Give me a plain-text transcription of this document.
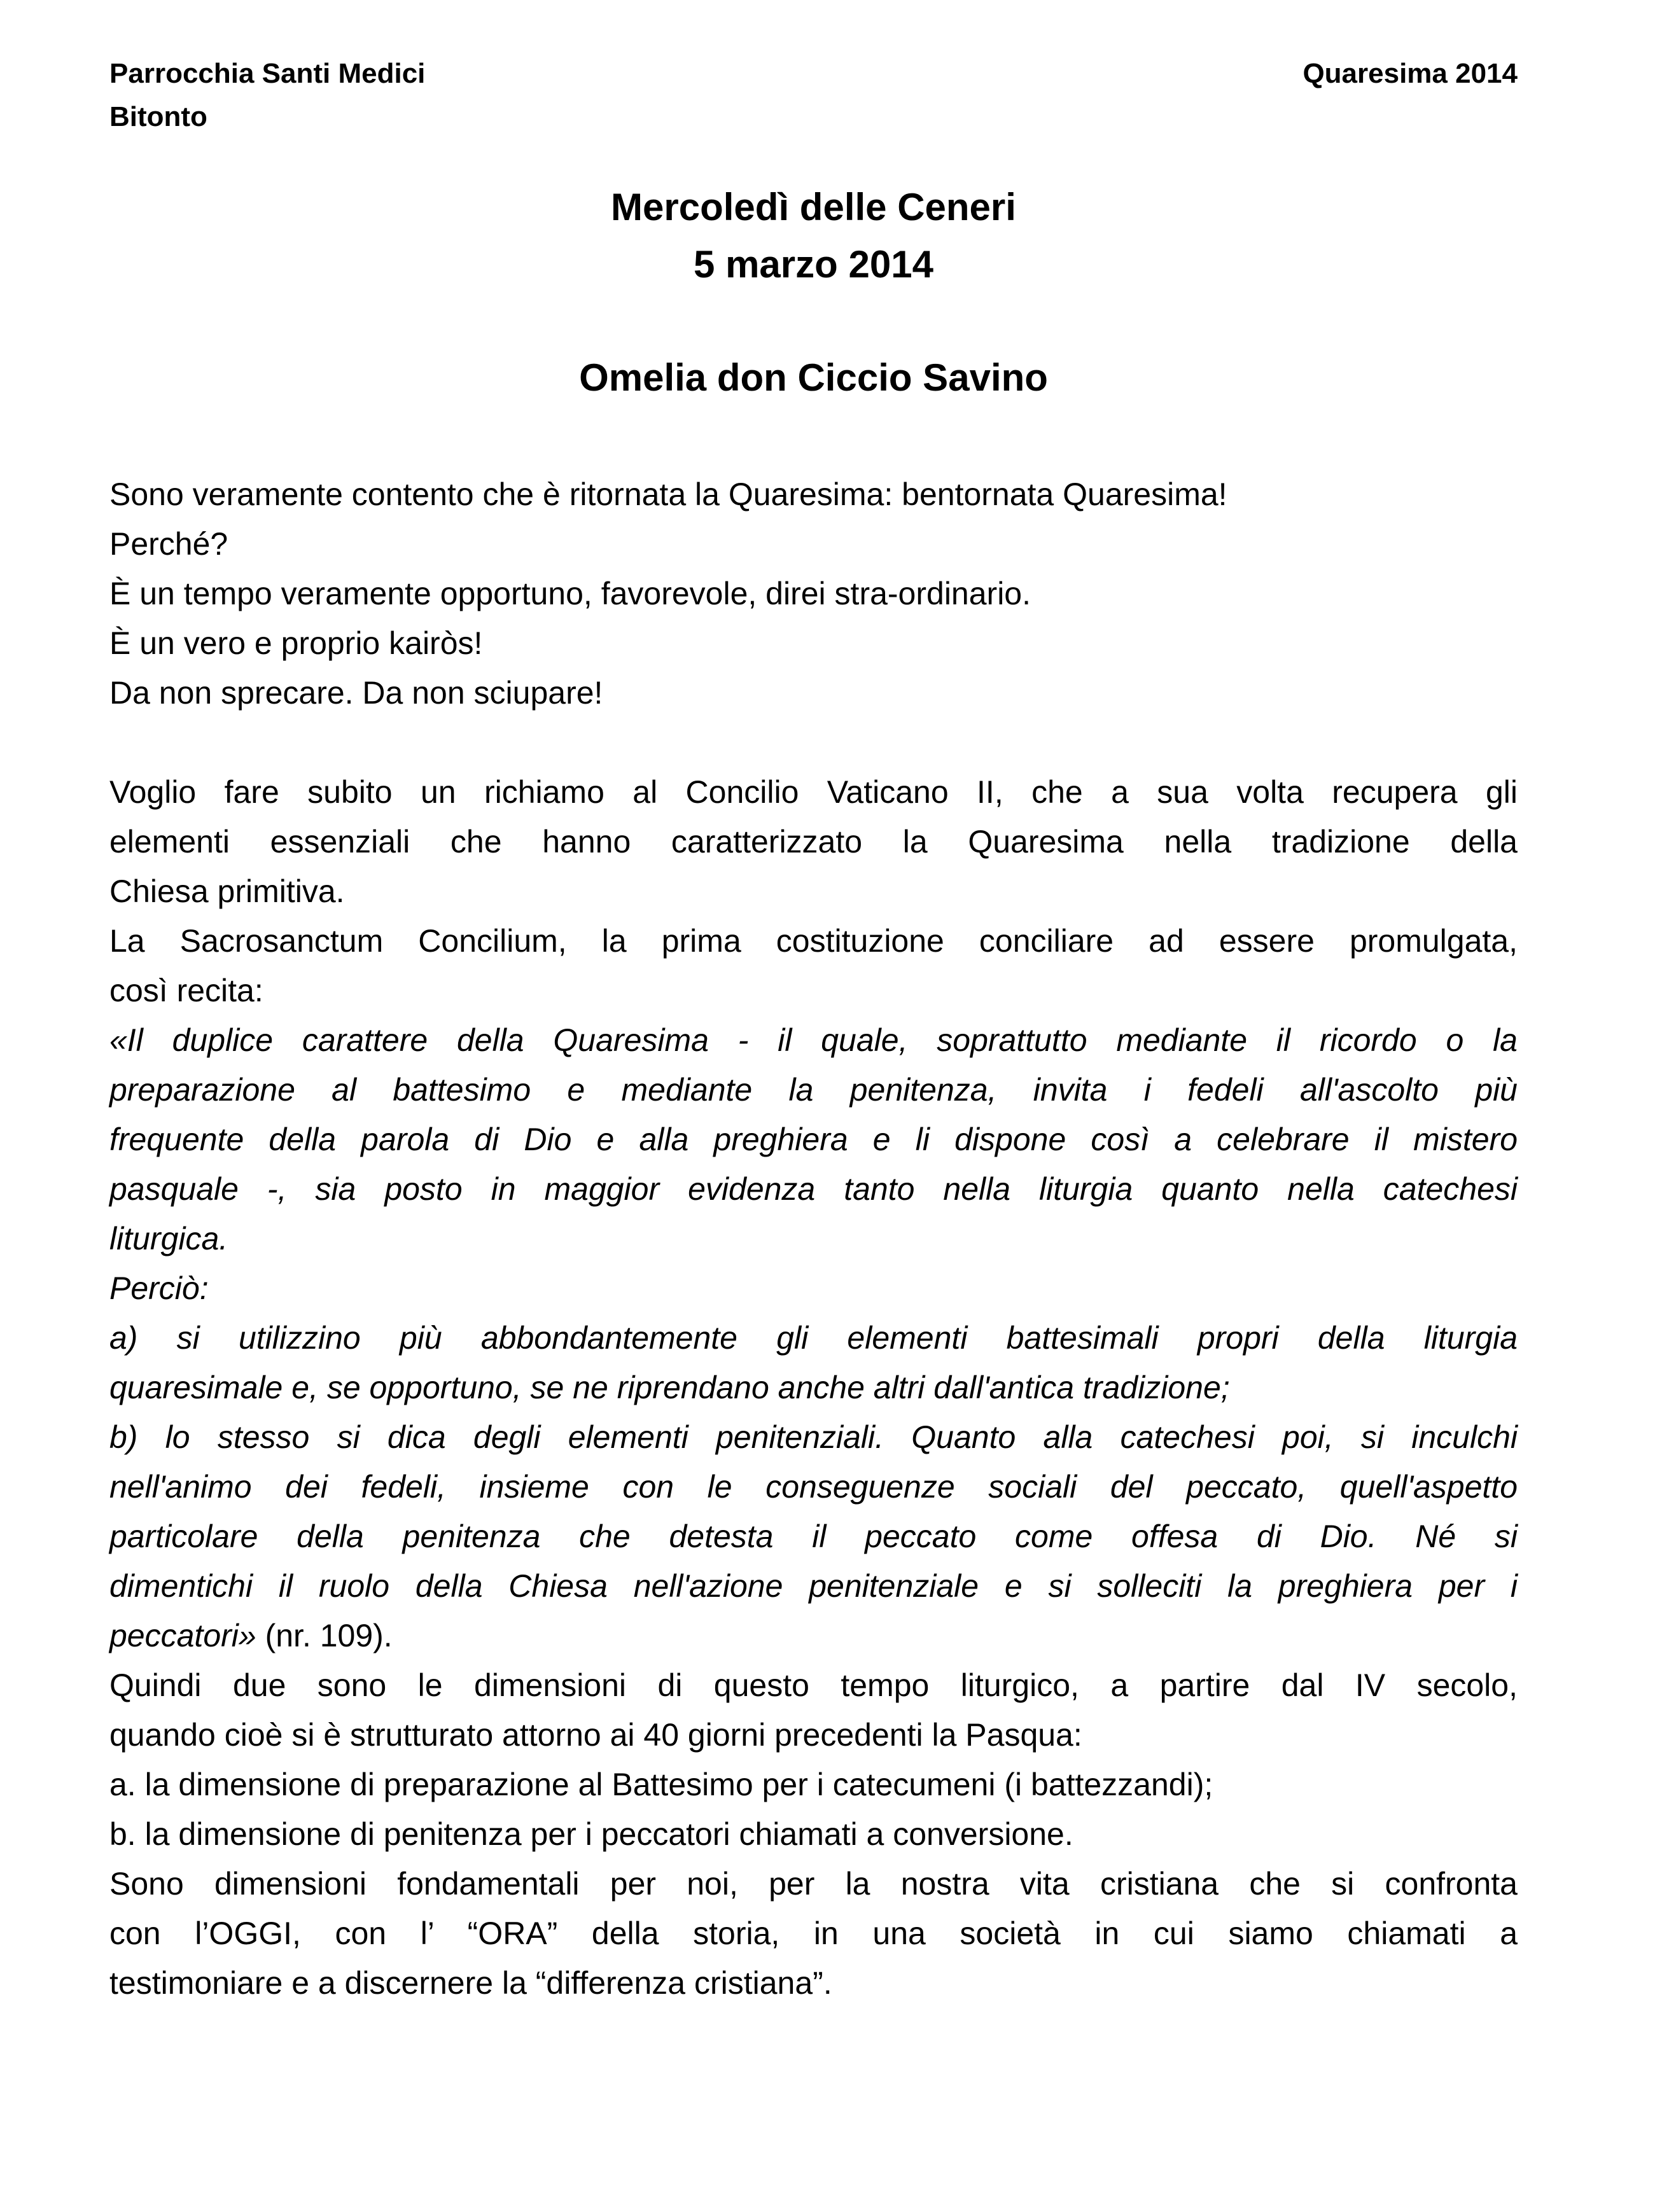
Parrocchia Santi Medici
Bitonto
Quaresima 2014
Mercoledì delle Ceneri
5 marzo 2014
Omelia don Ciccio Savino
Sono veramente contento che è ritornata la Quaresima: bentornata Quaresima!
Perché?
È un tempo veramente opportuno, favorevole, direi stra-ordinario.
È un vero e proprio kairòs!
Da non sprecare. Da non sciupare!
Voglio fare subito un richiamo al Concilio Vaticano II, che a sua volta recupera gli
elementi essenziali che hanno caratterizzato la Quaresima nella tradizione della
Chiesa primitiva.
La Sacrosanctum Concilium, la prima costituzione conciliare ad essere promulgata,
così recita:
«Il duplice carattere della Quaresima - il quale, soprattutto mediante il ricordo o la
preparazione al battesimo e mediante la penitenza, invita i fedeli all'ascolto più
frequente della parola di Dio e alla preghiera e li dispone così a celebrare il mistero
pasquale -, sia posto in maggior evidenza tanto nella liturgia quanto nella catechesi
liturgica.
Perciò:
a) si utilizzino più abbondantemente gli elementi battesimali propri della liturgia
quaresimale e, se opportuno, se ne riprendano anche altri dall'antica tradizione;
b) lo stesso si dica degli elementi penitenziali. Quanto alla catechesi poi, si inculchi
nell'animo dei fedeli, insieme con le conseguenze sociali del peccato, quell'aspetto
particolare della penitenza che detesta il peccato come offesa di Dio. Né si
dimentichi il ruolo della Chiesa nell'azione penitenziale e si solleciti la preghiera per i
peccatori» (nr. 109).
Quindi due sono le dimensioni di questo tempo liturgico, a partire dal IV secolo,
quando cioè si è strutturato attorno ai 40 giorni precedenti la Pasqua:
a. la dimensione di preparazione al Battesimo per i catecumeni (i battezzandi);
b. la dimensione di penitenza per i peccatori chiamati a conversione.
Sono dimensioni fondamentali per noi, per la nostra vita cristiana che si confronta
con l’OGGI, con l’ “ORA” della storia, in una società in cui siamo chiamati a
testimoniare e a discernere la “differenza cristiana”.
